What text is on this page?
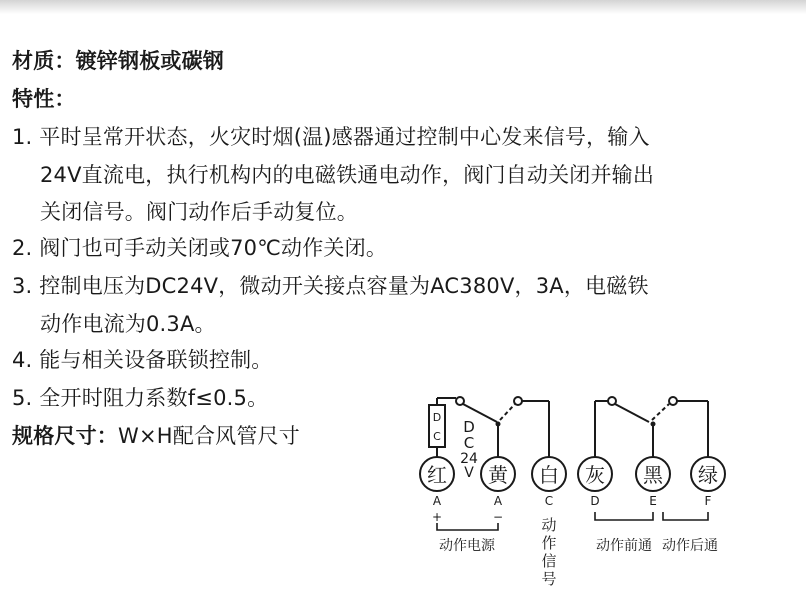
材质：镀锌钢板或碳钢
特性：
1. 平时呈常开状态，火灾时烟(温)感器通过控制中心发来信号，输入
24V直流电，执行机构内的电磁铁通电动作，阀门自动关闭并输出
关闭信号。阀门动作后手动复位。
2. 阀门也可手动关闭或70℃动作关闭。
3. 控制电压为DC24V，微动开关接点容量为AC380V，3A，电磁铁
动作电流为0.3A。
4. 能与相关设备联锁控制。
5. 全开时阻力系数f≤0.5。
规格尺寸：W×H配合风管尺寸
D
C
D
C
24
V
红 黄 白 灰 黑 绿
A	A	C	D	E	F
+	−
动作电源
动
作
信
号
动作前通 动作后通
